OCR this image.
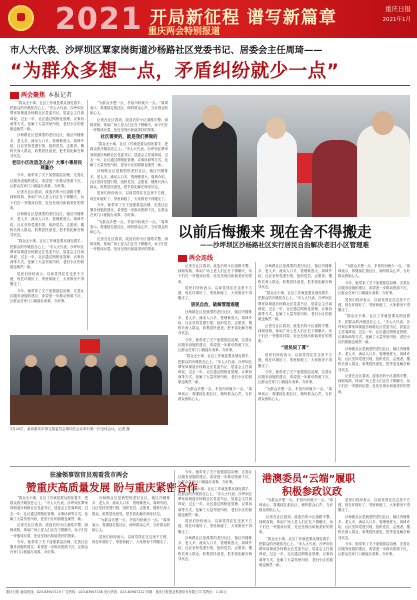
2021 开局新征程 谱写新篇章
重庆两会特别报道
重庆日报
2021年1月
市人大代表、沙坪坝区覃家岗街道沙杨路社区党委书记、居委会主任周琦——
“为群众多想一点，矛盾纠纷就少一点”
两会聚焦 本报记者

“群众无小事，社区工作就是要从细处着手，把群众的冷暖放在心上。”市人大代表、沙坪坝区覃家岗街道沙杨路社区党委书记、居委会主任周琦说，过去一年，社区通过网格化管理、议事协商等方式，化解了大量邻里纠纷，老旧小区的面貌也焕然一新。

沙杨路社区是典型的老旧社区，辖区内楼栋多、老人多、流动人口多，管理难度大。周琦介绍，社区坚持党建引领，组织党员、志愿者、楼栋长深入群众，收集居民意见，把矛盾化解在萌芽状态。

老旧小区改造怎么办？大事小事居民商量办

今年，她带来了关于加强基层治理、完善社区服务设施的建议，希望进一步推动资源下沉，让群众在家门口就能办成事、办好事。

记者在社区看到，改造后的小区道路平整、绿树成荫，休闲广场上老人们正在下棋聊天，孩子们在一旁嬉戏玩耍，处处呈现出和谐美好的景象。

沙杨路社区是典型的老旧社区，辖区内楼栋多、老人多、流动人口多，管理难度大。周琦介绍，社区坚持党建引领，组织党员、志愿者、楼栋长深入群众，收集居民意见，把矛盾化解在萌芽状态。

“群众无小事，社区工作就是要从细处着手，把群众的冷暖放在心上。”市人大代表、沙坪坝区覃家岗街道沙杨路社区党委书记、居委会主任周琦说，过去一年，社区通过网格化管理、议事协商等方式，化解了大量邻里纠纷，老旧小区的面貌也焕然一新。

居民们纷纷表示，以前觉得住在这里不方便，现在环境好了、邻里和睦了，大家都舍不得搬走了。

今年，她带来了关于加强基层治理、完善社区服务设施的建议，希望进一步推动资源下沉，让群众在家门口就能办成事、办好事。

“为群众多想一点，矛盾纠纷就少一点。”周琦表示，将继续扎根社区，倾听群众心声，当好群众的贴心人。

记者在社区看到，改造后的小区道路平整、绿树成荫，休闲广场上老人们正在下棋聊天，孩子们在一旁嬉戏玩耍，处处呈现出和谐美好的景象。

社区需要的，就是我们要做的

“群众无小事，社区工作就是要从细处着手，把群众的冷暖放在心上。”市人大代表、沙坪坝区覃家岗街道沙杨路社区党委书记、居委会主任周琦说，过去一年，社区通过网格化管理、议事协商等方式，化解了大量邻里纠纷，老旧小区的面貌也焕然一新。

沙杨路社区是典型的老旧社区，辖区内楼栋多、老人多、流动人口多，管理难度大。周琦介绍，社区坚持党建引领，组织党员、志愿者、楼栋长深入群众，收集居民意见，把矛盾化解在萌芽状态。

居民们纷纷表示，以前觉得住在这里不方便，现在环境好了、邻里和睦了，大家都舍不得搬走了。

今年，她带来了关于加强基层治理、完善社区服务设施的建议，希望进一步推动资源下沉，让群众在家门口就能办成事、办好事。

“为群众多想一点，矛盾纠纷就少一点。”周琦表示，将继续扎根社区，倾听群众心声，当好群众的贴心人。

记者在社区看到，改造后的小区道路平整、绿树成荫，休闲广场上老人们正在下棋聊天，孩子们在一旁嬉戏玩耍，处处呈现出和谐美好的景象。

以前后悔搬来 现在舍不得搬走
——沙坪坝区沙杨路社区实行居民自治解决老旧小区管理难
两会连线

记者在社区看到，改造后的小区道路平整、绿树成荫，休闲广场上老人们正在下棋聊天，孩子们在一旁嬉戏玩耍，处处呈现出和谐美好的景象。

居民们纷纷表示，以前觉得住在这里不方便，现在环境好了、邻里和睦了，大家都舍不得搬走了。

居民自治，破解管理难题

沙杨路社区是典型的老旧社区，辖区内楼栋多、老人多、流动人口多，管理难度大。周琦介绍，社区坚持党建引领，组织党员、志愿者、楼栋长深入群众，收集居民意见，把矛盾化解在萌芽状态。

今年，她带来了关于加强基层治理、完善社区服务设施的建议，希望进一步推动资源下沉，让群众在家门口就能办成事、办好事。

“群众无小事，社区工作就是要从细处着手，把群众的冷暖放在心上。”市人大代表、沙坪坝区覃家岗街道沙杨路社区党委书记、居委会主任周琦说，过去一年，社区通过网格化管理、议事协商等方式，化解了大量邻里纠纷，老旧小区的面貌也焕然一新。

“为群众多想一点，矛盾纠纷就少一点。”周琦表示，将继续扎根社区，倾听群众心声，当好群众的贴心人。

沙杨路社区是典型的老旧社区，辖区内楼栋多、老人多、流动人口多，管理难度大。周琦介绍，社区坚持党建引领，组织党员、志愿者、楼栋长深入群众，收集居民意见，把矛盾化解在萌芽状态。

“群众无小事，社区工作就是要从细处着手，把群众的冷暖放在心上。”市人大代表、沙坪坝区覃家岗街道沙杨路社区党委书记、居委会主任周琦说，过去一年，社区通过网格化管理、议事协商等方式，化解了大量邻里纠纷，老旧小区的面貌也焕然一新。

记者在社区看到，改造后的小区道路平整、绿树成荫，休闲广场上老人们正在下棋聊天，孩子们在一旁嬉戏玩耍，处处呈现出和谐美好的景象。

“居民说了算”

居民们纷纷表示，以前觉得住在这里不方便，现在环境好了、邻里和睦了，大家都舍不得搬走了。

今年，她带来了关于加强基层治理、完善社区服务设施的建议，希望进一步推动资源下沉，让群众在家门口就能办成事、办好事。

“为群众多想一点，矛盾纠纷就少一点。”周琦表示，将继续扎根社区，倾听群众心声，当好群众的贴心人。

“为群众多想一点，矛盾纠纷就少一点。”周琦表示，将继续扎根社区，倾听群众心声，当好群众的贴心人。

今年，她带来了关于加强基层治理、完善社区服务设施的建议，希望进一步推动资源下沉，让群众在家门口就能办成事、办好事。

居民们纷纷表示，以前觉得住在这里不方便，现在环境好了、邻里和睦了，大家都舍不得搬走了。

“群众无小事，社区工作就是要从细处着手，把群众的冷暖放在心上。”市人大代表、沙坪坝区覃家岗街道沙杨路社区党委书记、居委会主任周琦说，过去一年，社区通过网格化管理、议事协商等方式，化解了大量邻里纠纷，老旧小区的面貌也焕然一新。

沙杨路社区是典型的老旧社区，辖区内楼栋多、老人多、流动人口多，管理难度大。周琦介绍，社区坚持党建引领，组织党员、志愿者、楼栋长深入群众，收集居民意见，把矛盾化解在萌芽状态。

记者在社区看到，改造后的小区道路平整、绿树成荫，休闲广场上老人们正在下棋聊天，孩子们在一旁嬉戏玩耍，处处呈现出和谐美好的景象。

1月20日，政协重庆市第五届委员会第四次会议举行第一次全体会议。记者 摄
驻渝领事馆官员观看我市两会
赞重庆高质量发展 盼与重庆紧密合作

“群众无小事，社区工作就是要从细处着手，把群众的冷暖放在心上。”市人大代表、沙坪坝区覃家岗街道沙杨路社区党委书记、居委会主任周琦说，过去一年，社区通过网格化管理、议事协商等方式，化解了大量邻里纠纷，老旧小区的面貌也焕然一新。

记者在社区看到，改造后的小区道路平整、绿树成荫，休闲广场上老人们正在下棋聊天，孩子们在一旁嬉戏玩耍，处处呈现出和谐美好的景象。

今年，她带来了关于加强基层治理、完善社区服务设施的建议，希望进一步推动资源下沉，让群众在家门口就能办成事、办好事。

沙杨路社区是典型的老旧社区，辖区内楼栋多、老人多、流动人口多，管理难度大。周琦介绍，社区坚持党建引领，组织党员、志愿者、楼栋长深入群众，收集居民意见，把矛盾化解在萌芽状态。

“为群众多想一点，矛盾纠纷就少一点。”周琦表示，将继续扎根社区，倾听群众心声，当好群众的贴心人。

居民们纷纷表示，以前觉得住在这里不方便，现在环境好了、邻里和睦了，大家都舍不得搬走了。

今年，她带来了关于加强基层治理、完善社区服务设施的建议，希望进一步推动资源下沉，让群众在家门口就能办成事、办好事。

“群众无小事，社区工作就是要从细处着手，把群众的冷暖放在心上。”市人大代表、沙坪坝区覃家岗街道沙杨路社区党委书记、居委会主任周琦说，过去一年，社区通过网格化管理、议事协商等方式，化解了大量邻里纠纷，老旧小区的面貌也焕然一新。

居民们纷纷表示，以前觉得住在这里不方便，现在环境好了、邻里和睦了，大家都舍不得搬走了。

沙杨路社区是典型的老旧社区，辖区内楼栋多、老人多、流动人口多，管理难度大。周琦介绍，社区坚持党建引领，组织党员、志愿者、楼栋长深入群众，收集居民意见，把矛盾化解在萌芽状态。

港澳委员“云端”履职
积极参政议政

“为群众多想一点，矛盾纠纷就少一点。”周琦表示，将继续扎根社区，倾听群众心声，当好群众的贴心人。

记者在社区看到，改造后的小区道路平整、绿树成荫，休闲广场上老人们正在下棋聊天，孩子们在一旁嬉戏玩耍，处处呈现出和谐美好的景象。

“群众无小事，社区工作就是要从细处着手，把群众的冷暖放在心上。”市人大代表、沙坪坝区覃家岗街道沙杨路社区党委书记、居委会主任周琦说，过去一年，社区通过网格化管理、议事协商等方式，化解了大量邻里纠纷，老旧小区的面貌也焕然一新。

居民们纷纷表示，以前觉得住在这里不方便，现在环境好了、邻里和睦了，大家都舍不得搬走了。

沙杨路社区是典型的老旧社区，辖区内楼栋多、老人多、流动人口多，管理难度大。周琦介绍，社区坚持党建引领，组织党员、志愿者、楼栋长深入群众，收集居民意见，把矛盾化解在萌芽状态。

今年，她带来了关于加强基层治理、完善社区服务设施的建议，希望进一步推动资源下沉，让群众在家门口就能办成事、办好事。

重庆日报 新闻热线：023-63907119 广告热线：023-63907158 发行热线：023-63907222 印刷：重庆日报报业集团印务有限公司 零售价：1.50元
